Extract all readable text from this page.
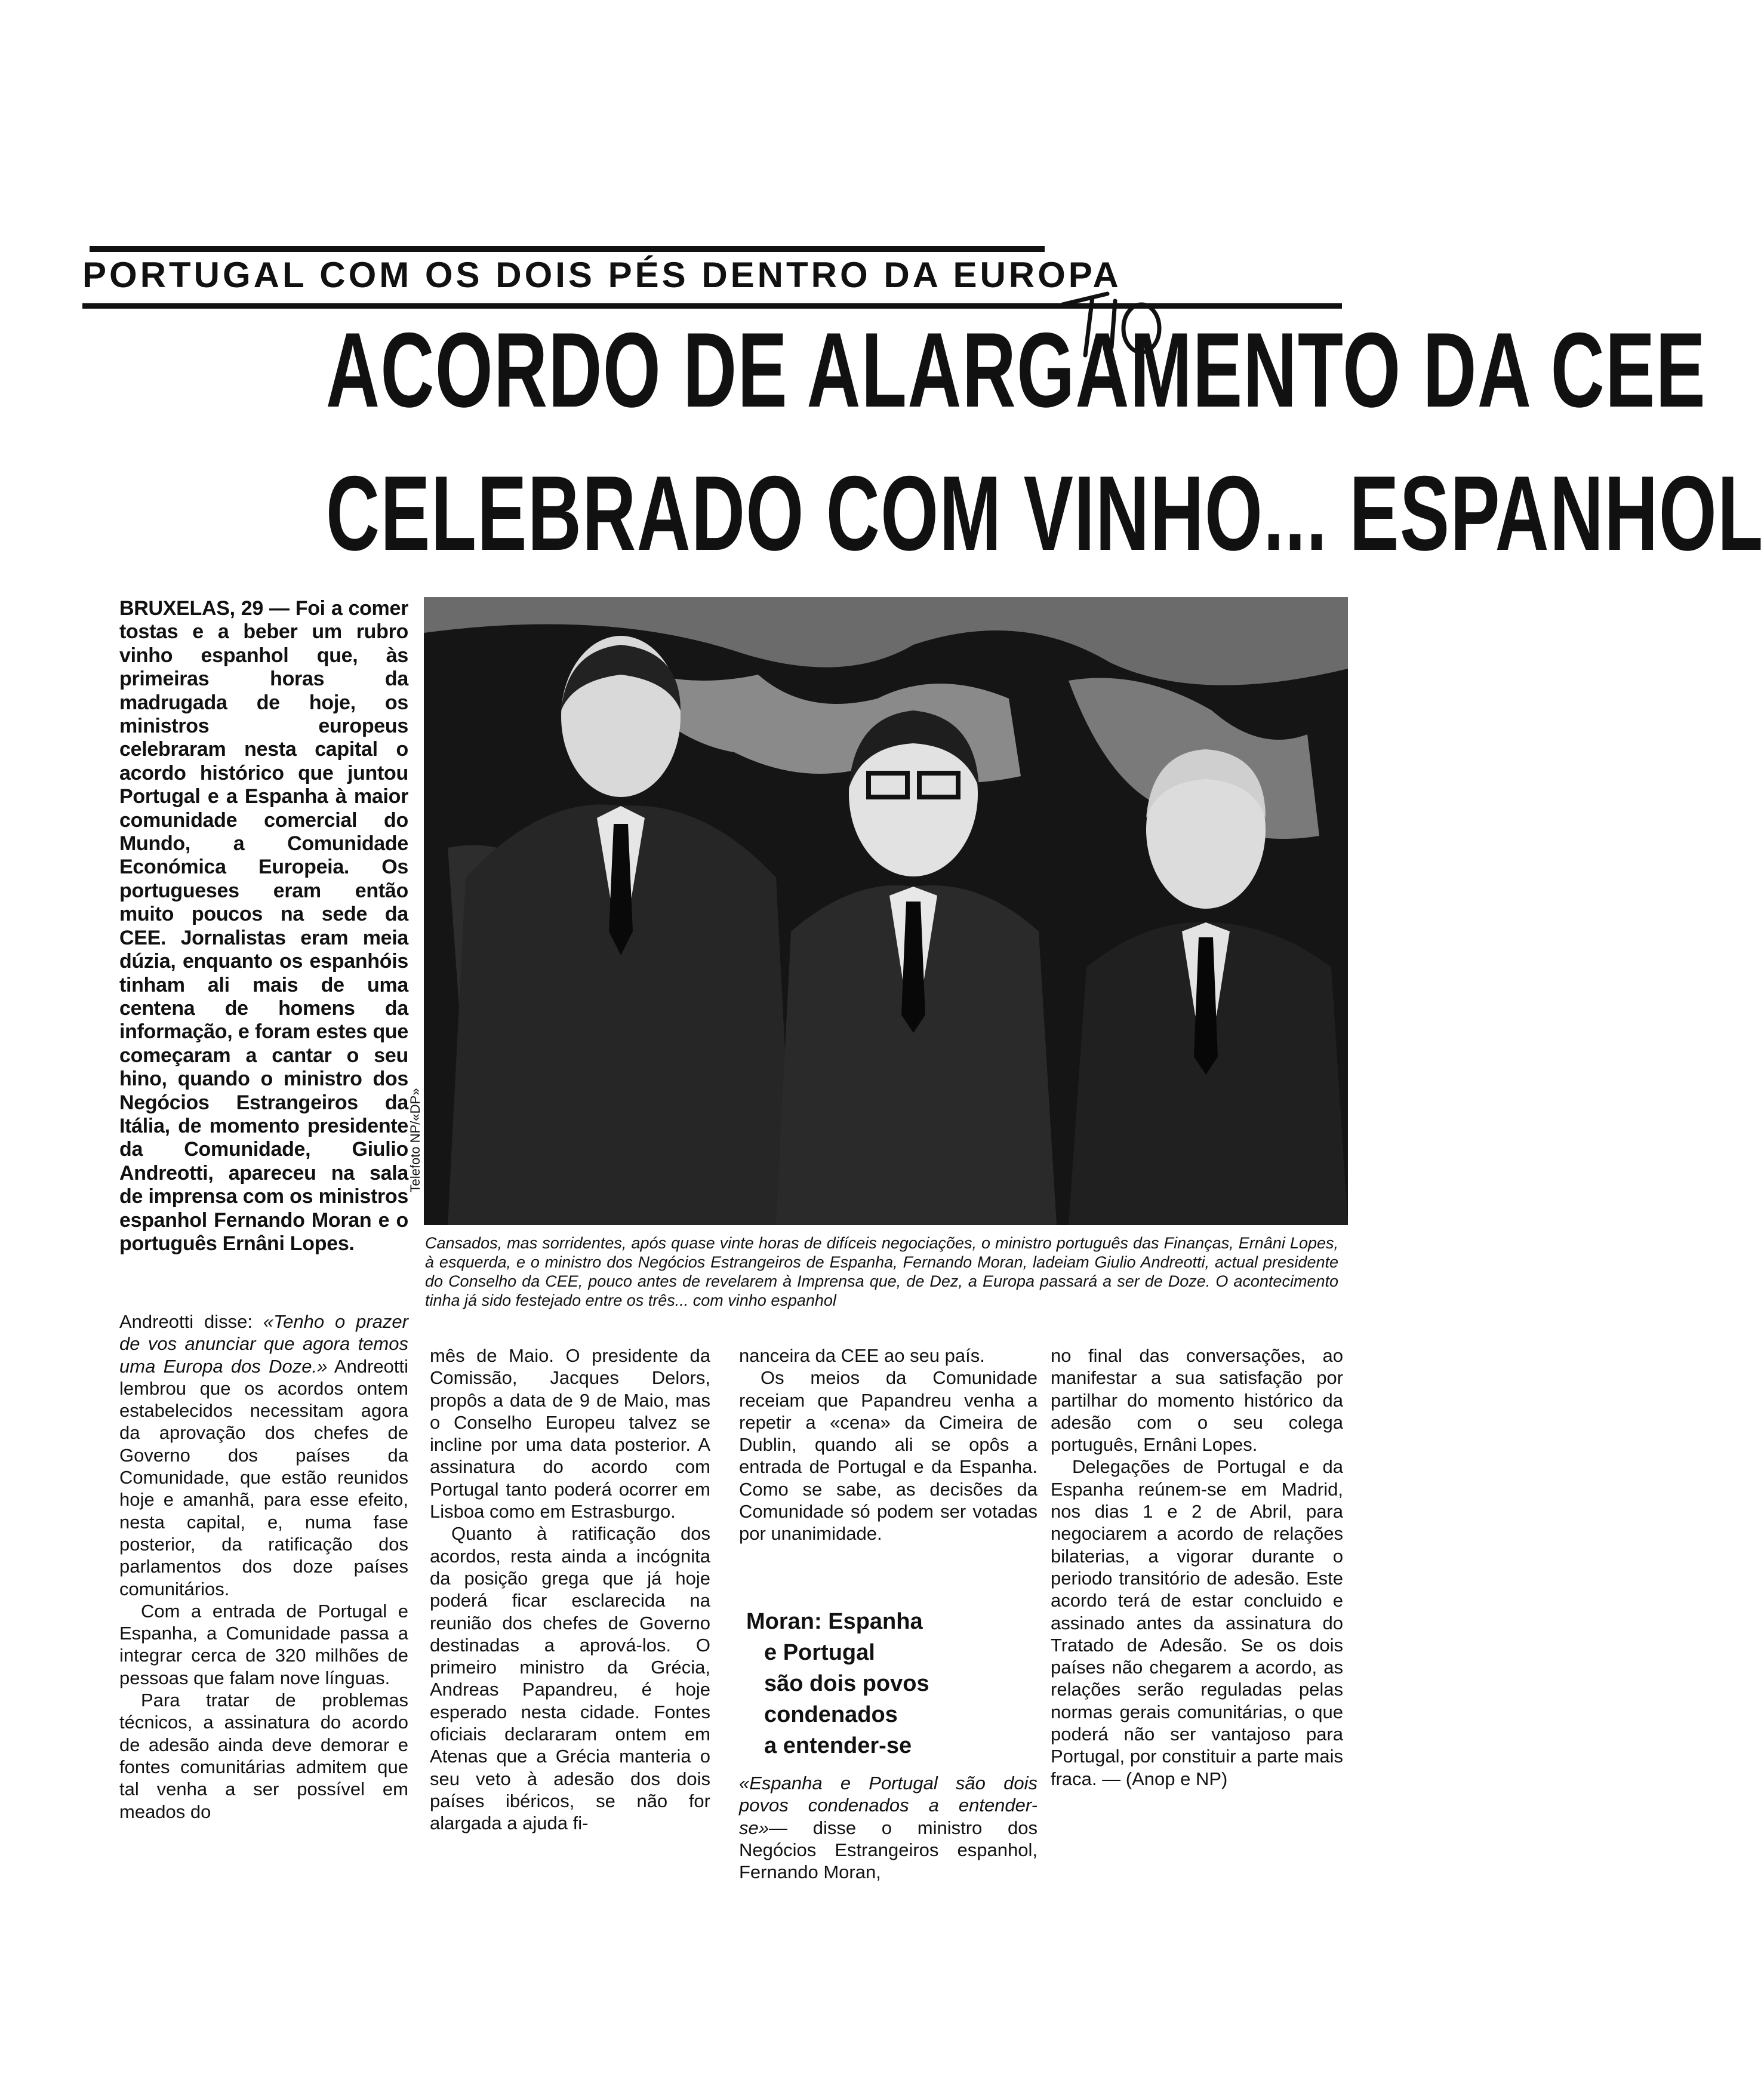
PORTUGAL COM OS DOIS PÉS DENTRO DA EUROPA
ACORDO DE ALARGAMENTO DA CEE
CELEBRADO COM VINHO... ESPANHOL

BRUXELAS, 29 — Foi a comer tostas e a beber um rubro vinho espanhol que, às primeiras horas da madrugada de hoje, os ministros europeus celebraram nesta capital o acordo histórico que juntou Portugal e a Espanha à maior comunidade comercial do Mundo, a Comunidade Económica Europeia. Os portugueses eram então muito poucos na sede da CEE. Jornalistas eram meia dúzia, enquanto os espanhóis tinham ali mais de uma centena de homens da informação, e foram estes que começaram a cantar o seu hino, quando o ministro dos Negócios Estrangeiros da Itália, de momento presidente da Comunidade, Giulio Andreotti, apareceu na sala de imprensa com os ministros espanhol Fernando Moran e o português Ernâni Lopes.

Telefoto NP/«DP»

Cansados, mas sorridentes, após quase vinte horas de difíceis negociações, o ministro português das Finanças, Ernâni Lopes, à esquerda, e o ministro dos Negócios Estrangeiros de Espanha, Fernando Moran, ladeiam Giulio Andreotti, actual presidente do Conselho da CEE, pouco antes de revelarem à Imprensa que, de Dez, a Europa passará a ser de Doze. O acontecimento tinha já sido festejado entre os três... com vinho espanhol

Andreotti disse: «Tenho o prazer de vos anunciar que agora temos uma Europa dos Doze.» Andreotti lembrou que os acordos ontem estabelecidos necessitam agora da aprovação dos chefes de Governo dos países da Comunidade, que estão reunidos hoje e amanhã, para esse efeito, nesta capital, e, numa fase posterior, da ratificação dos parlamentos dos doze países comunitários.
Com a entrada de Portugal e Espanha, a Comunidade passa a integrar cerca de 320 milhões de pessoas que falam nove línguas.
Para tratar de problemas técnicos, a assinatura do acordo de adesão ainda deve demorar e fontes comunitárias admitem que tal venha a ser possível em meados do

mês de Maio. O presidente da Comissão, Jacques Delors, propôs a data de 9 de Maio, mas o Conselho Europeu talvez se incline por uma data posterior. A assinatura do acordo com Portugal tanto poderá ocorrer em Lisboa como em Estrasburgo.
Quanto à ratificação dos acordos, resta ainda a incógnita da posição grega que já hoje poderá ficar esclarecida na reunião dos chefes de Governo destinadas a aprová-los. O primeiro ministro da Grécia, Andreas Papandreu, é hoje esperado nesta cidade. Fontes oficiais declararam ontem em Atenas que a Grécia manteria o seu veto à adesão dos dois países ibéricos, se não for alargada a ajuda fi-

nanceira da CEE ao seu país.
Os meios da Comunidade receiam que Papandreu venha a repetir a «cena» da Cimeira de Dublin, quando ali se opôs a entrada de Portugal e da Espanha. Como se sabe, as decisões da Comunidade só podem ser votadas por unanimidade.

Moran: Espanha
e Portugal
são dois povos
condenados
a entender-se

«Espanha e Portugal são dois povos condenados a entender-se»— disse o ministro dos Negócios Estrangeiros espanhol, Fernando Moran,

no final das conversações, ao manifestar a sua satisfação por partilhar do momento histórico da adesão com o seu colega português, Ernâni Lopes.
Delegações de Portugal e da Espanha reúnem-se em Madrid, nos dias 1 e 2 de Abril, para negociarem a acordo de relações bilaterias, a vigorar durante o periodo transitório de adesão. Este acordo terá de estar concluido e assinado antes da assinatura do Tratado de Adesão. Se os dois países não chegarem a acordo, as relações serão reguladas pelas normas gerais comunitárias, o que poderá não ser vantajoso para Portugal, por constituir a parte mais fraca. — (Anop e NP)
